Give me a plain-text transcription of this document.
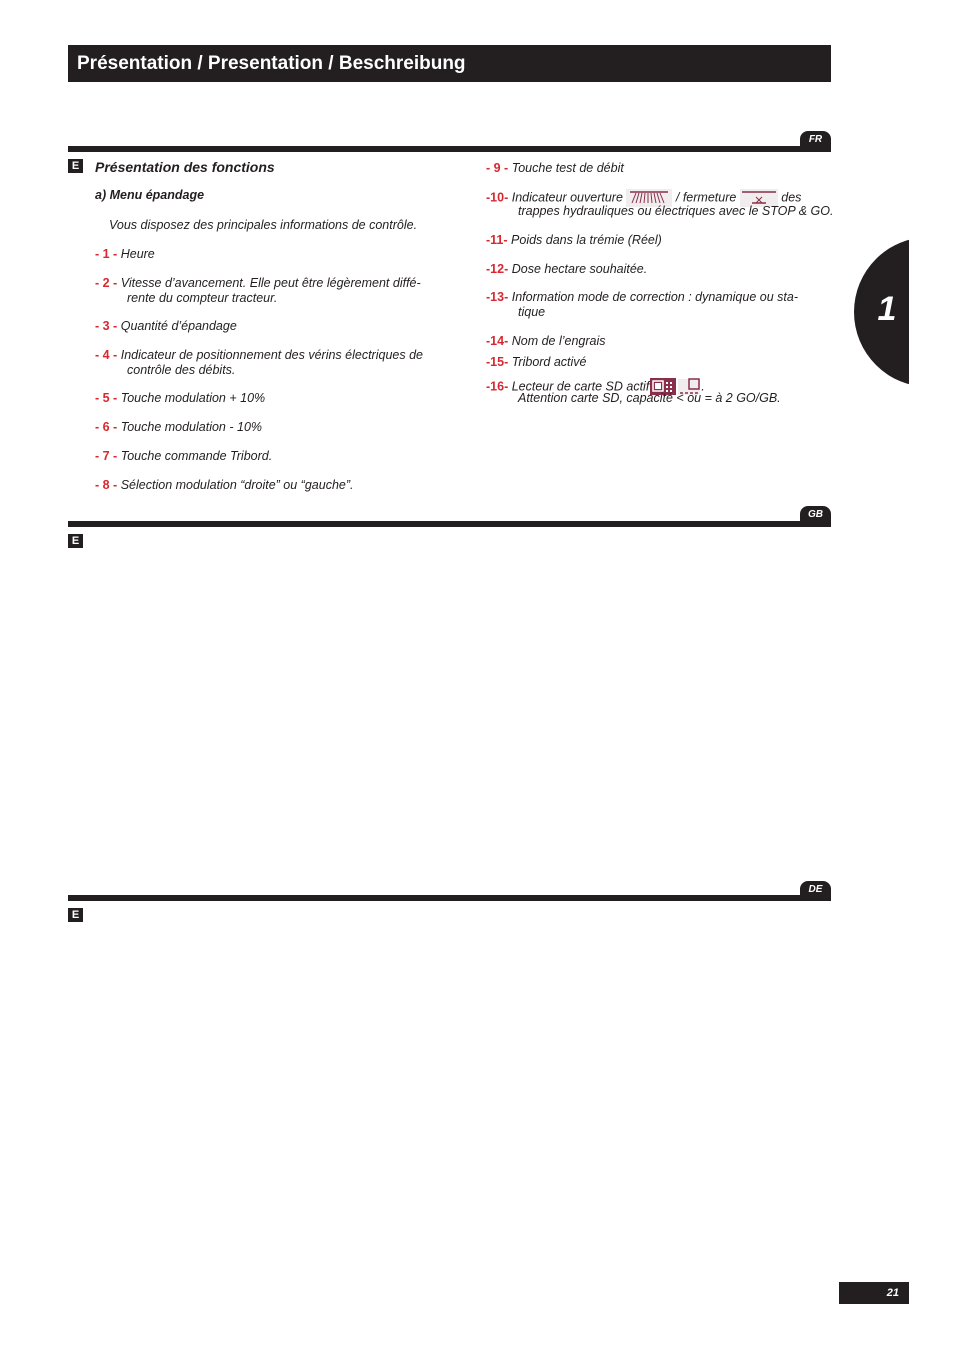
Présentation / Presentation / Beschreibung
FR
E Présentation des fonctions
a) Menu épandage
Vous disposez des principales informations de contrôle.
- 1 - Heure
- 2 - Vitesse d’avancement. Elle peut être légèrement diffé-
rente du compteur tracteur.
- 3 - Quantité d’épandage
- 4 - Indicateur de positionnement des vérins électriques de
contrôle des débits.
- 5 - Touche modulation + 10%
- 6 - Touche modulation - 10%
- 7 - Touche commande Tribord.
- 8 - Sélection modulation “droite” ou “gauche”.
- 9 - Touche test de débit
-10- Indicateur ouverture	/ fermeture	des
trappes hydrauliques ou électriques avec le STOP & GO.
-11- Poids dans la trémie (Réel)
-12- Dose hectare souhaitée.
-13- Information mode de correction : dynamique ou sta-
tique
-14- Nom de l’engrais
-15- Tribord activé
-16- Lecteur de carte SD actif	.
Attention carte SD, capacité < ou = à 2 GO/GB.
GB
E
DE
E
1
21
